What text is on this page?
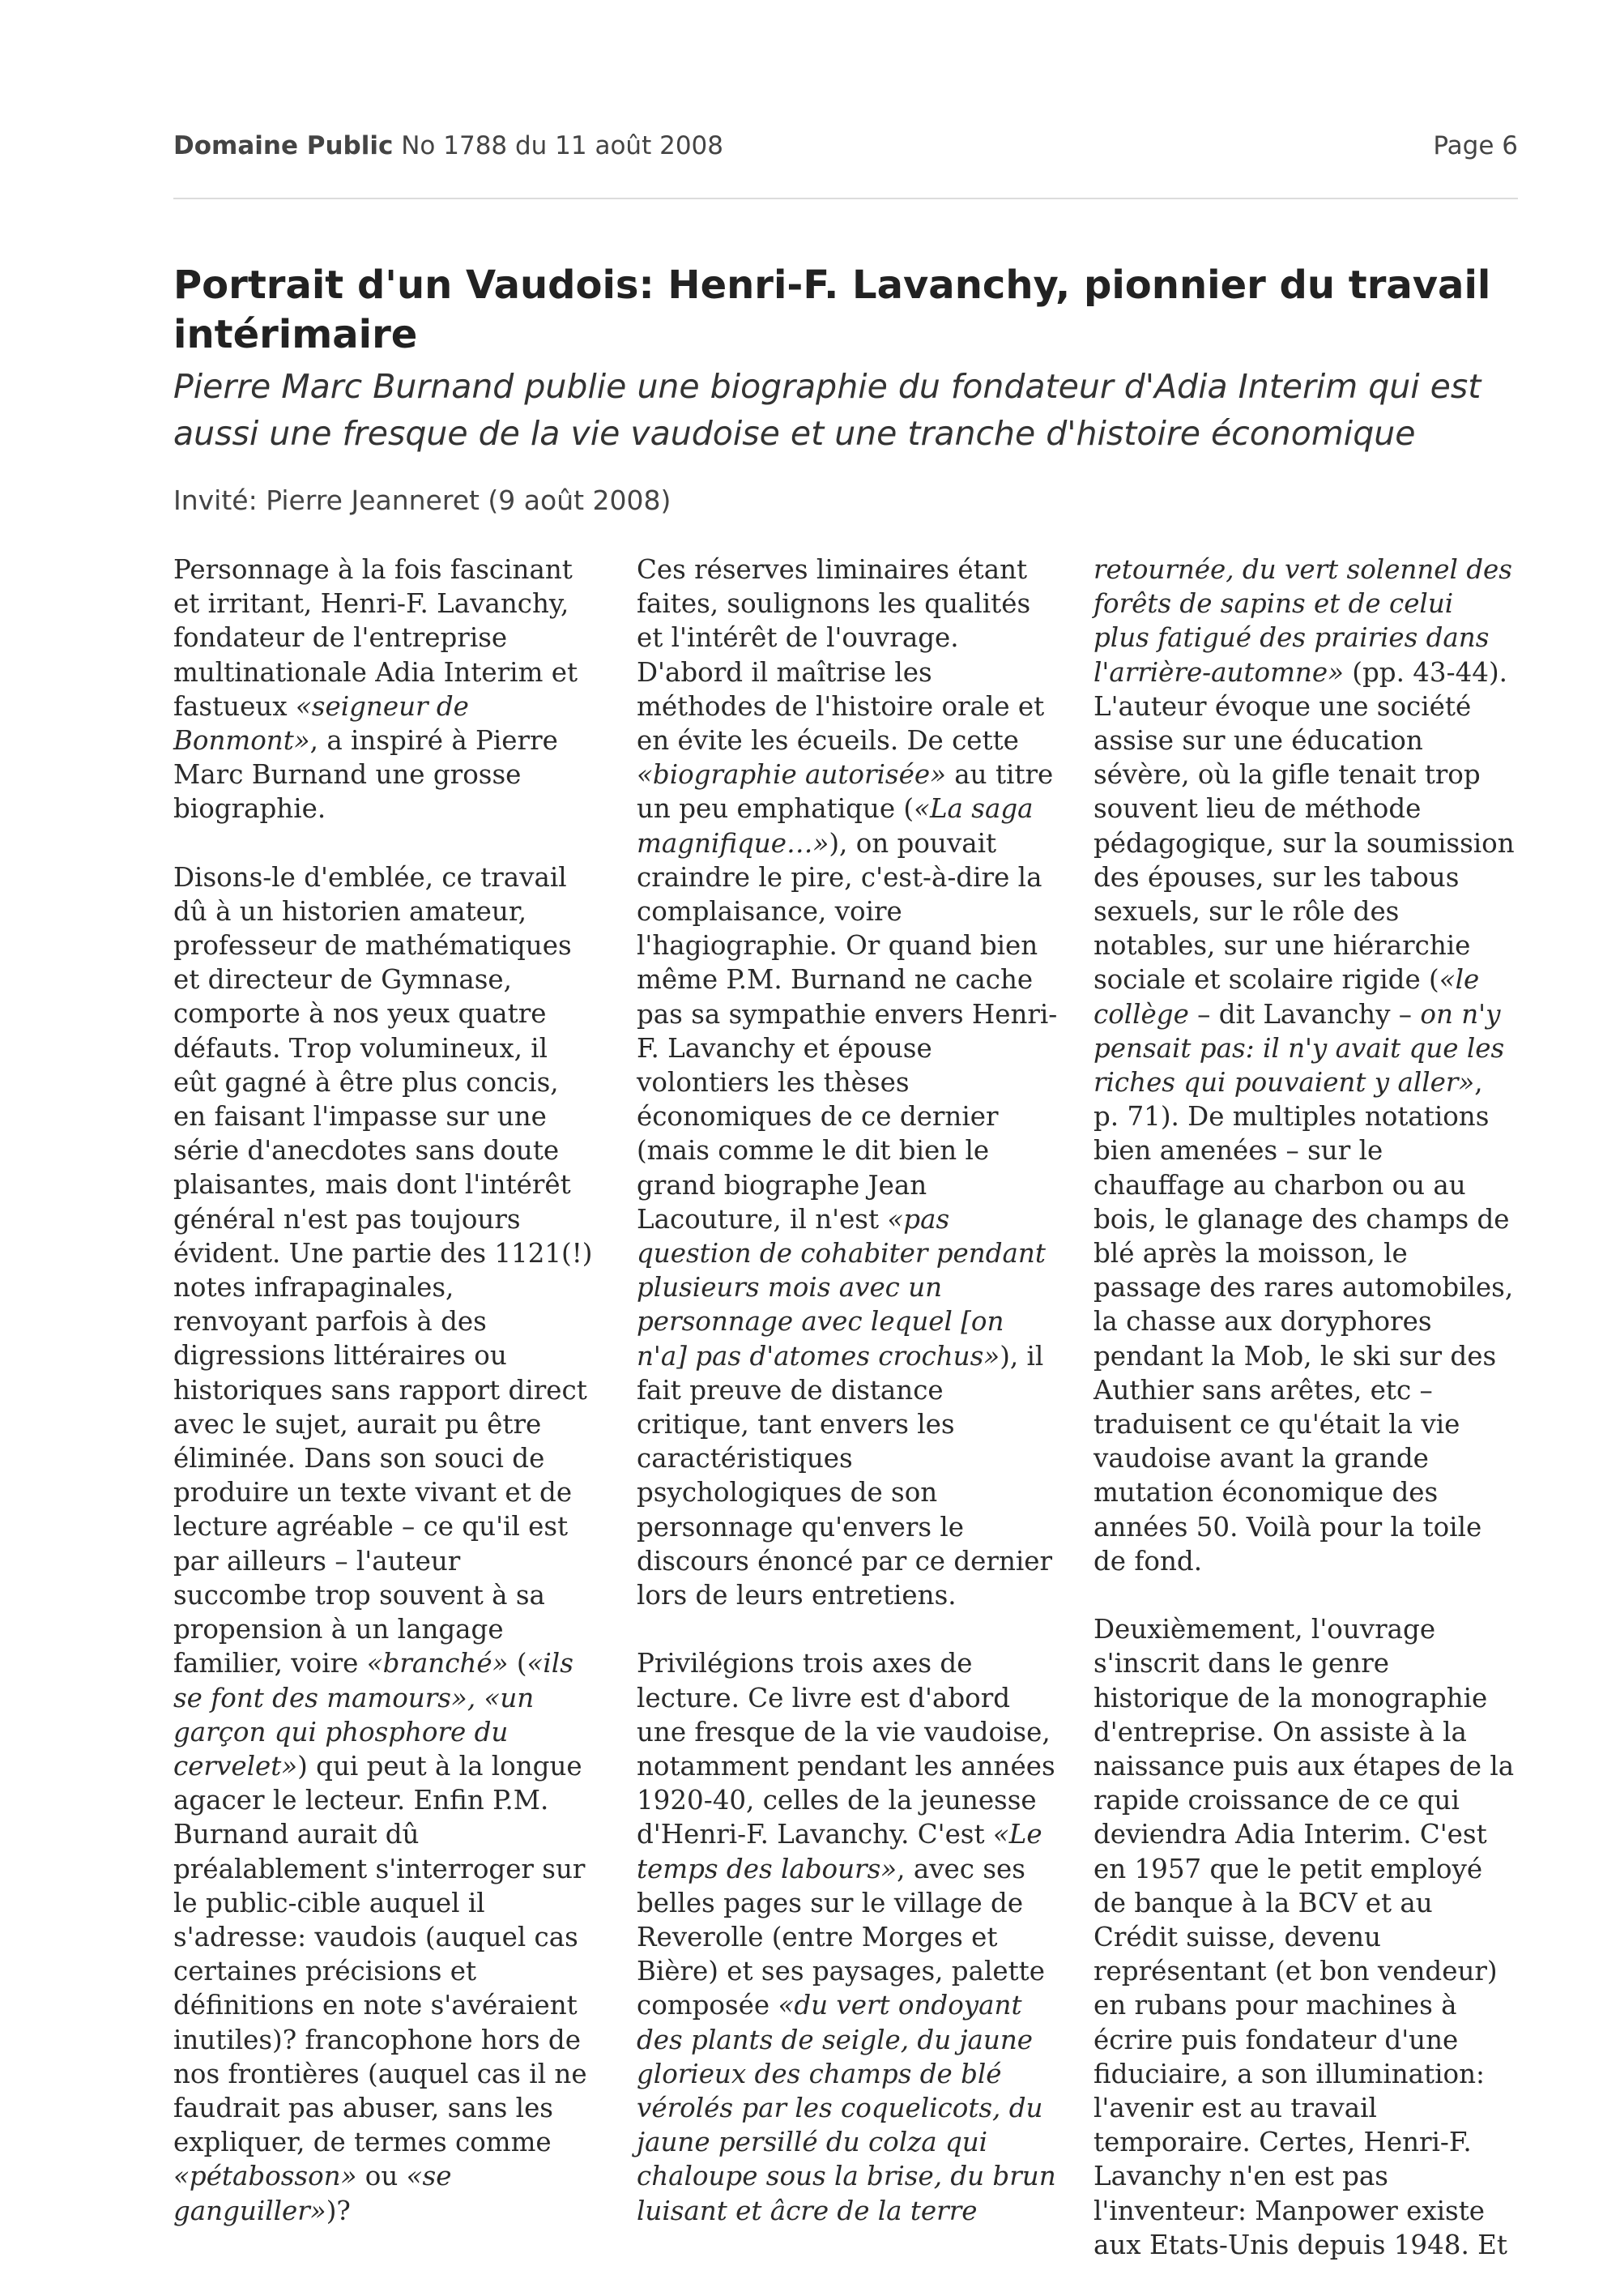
Domaine Public No 1788 du 11 août 2008	Page 6
Portrait d'un Vaudois: Henri-F. Lavanchy, pionnier du travail intérimaire

Pierre Marc Burnand publie une biographie du fondateur d'Adia Interim qui est aussi une fresque de la vie vaudoise et une tranche d'histoire économique

Invité: Pierre Jeanneret (9 août 2008)

Personnage à la fois fascinant et irritant, Henri-F. Lavanchy, fondateur de l'entreprise multinationale Adia Interim et fastueux «seigneur de Bonmont», a inspiré à Pierre Marc Burnand une grosse biographie.

Disons-le d'emblée, ce travail dû à un historien amateur, professeur de mathématiques et directeur de Gymnase, comporte à nos yeux quatre défauts. Trop volumineux, il eût gagné à être plus concis, en faisant l'impasse sur une série d'anecdotes sans doute plaisantes, mais dont l'intérêt général n'est pas toujours évident. Une partie des 1121(!) notes infrapaginales, renvoyant parfois à des digressions littéraires ou historiques sans rapport direct avec le sujet, aurait pu être éliminée. Dans son souci de produire un texte vivant et de lecture agréable – ce qu'il est par ailleurs – l'auteur succombe trop souvent à sa propension à un langage familier, voire «branché» («ils se font des mamours», «un garçon qui phosphore du cervelet») qui peut à la longue agacer le lecteur. Enfin P.M. Burnand aurait dû préalablement s'interroger sur le public-cible auquel il s'adresse: vaudois (auquel cas certaines précisions et définitions en note s'avéraient inutiles)? francophone hors de nos frontières (auquel cas il ne faudrait pas abuser, sans les expliquer, de termes comme «pétabosson» ou «se ganguiller»)?

Ces réserves liminaires étant faites, soulignons les qualités et l'intérêt de l'ouvrage. D'abord il maîtrise les méthodes de l'histoire orale et en évite les écueils. De cette «biographie autorisée» au titre un peu emphatique («La saga magnifique…»), on pouvait craindre le pire, c'est-à-dire la complaisance, voire l'hagiographie. Or quand bien même P.M. Burnand ne cache pas sa sympathie envers Henri-F. Lavanchy et épouse volontiers les thèses économiques de ce dernier (mais comme le dit bien le grand biographe Jean Lacouture, il n'est «pas question de cohabiter pendant plusieurs mois avec un personnage avec lequel [on n'a] pas d'atomes crochus»), il fait preuve de distance critique, tant envers les caractéristiques psychologiques de son personnage qu'envers le discours énoncé par ce dernier lors de leurs entretiens.

Privilégions trois axes de lecture. Ce livre est d'abord une fresque de la vie vaudoise, notamment pendant les années 1920-40, celles de la jeunesse d'Henri-F. Lavanchy. C'est «Le temps des labours», avec ses belles pages sur le village de Reverolle (entre Morges et Bière) et ses paysages, palette composée «du vert ondoyant des plants de seigle, du jaune glorieux des champs de blé vérolés par les coquelicots, du jaune persillé du colza qui chaloupe sous la brise, du brun luisant et âcre de la terre

retournée, du vert solennel des forêts de sapins et de celui plus fatigué des prairies dans l'arrière-automne» (pp. 43-44). L'auteur évoque une société assise sur une éducation sévère, où la gifle tenait trop souvent lieu de méthode pédagogique, sur la soumission des épouses, sur les tabous sexuels, sur le rôle des notables, sur une hiérarchie sociale et scolaire rigide («le collège – dit Lavanchy – on n'y pensait pas: il n'y avait que les riches qui pouvaient y aller», p. 71). De multiples notations bien amenées – sur le chauffage au charbon ou au bois, le glanage des champs de blé après la moisson, le passage des rares automobiles, la chasse aux doryphores pendant la Mob, le ski sur des Authier sans arêtes, etc – traduisent ce qu'était la vie vaudoise avant la grande mutation économique des années 50. Voilà pour la toile de fond.

Deuxièmement, l'ouvrage s'inscrit dans le genre historique de la monographie d'entreprise. On assiste à la naissance puis aux étapes de la rapide croissance de ce qui deviendra Adia Interim. C'est en 1957 que le petit employé de banque à la BCV et au Crédit suisse, devenu représentant (et bon vendeur) en rubans pour machines à écrire puis fondateur d'une fiduciaire, a son illumination: l'avenir est au travail temporaire. Certes, Henri-F. Lavanchy n'en est pas l'inventeur: Manpower existe aux Etats-Unis depuis 1948. Et
